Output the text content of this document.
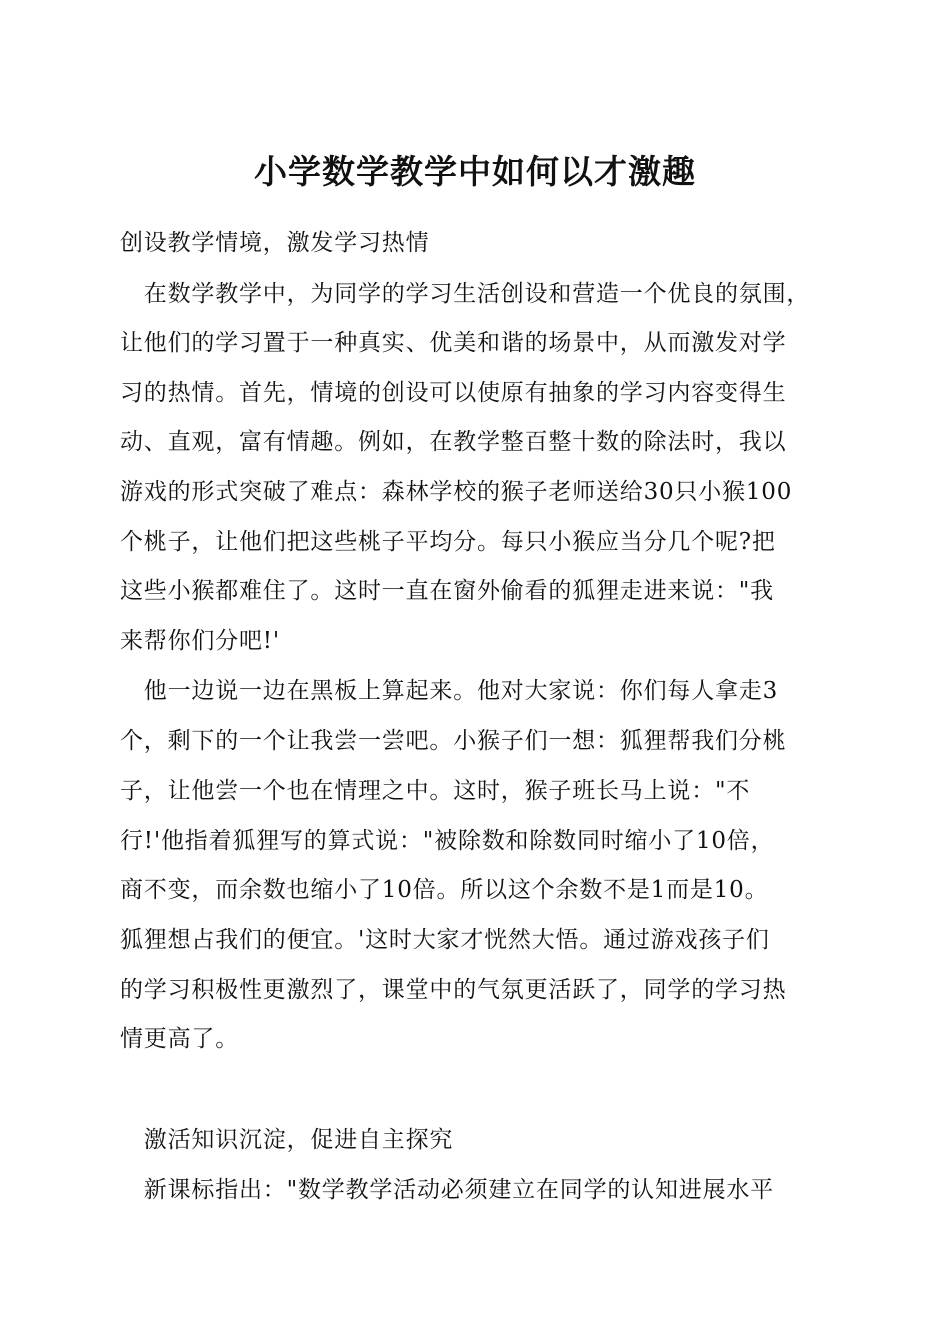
小学数学教学中如何以才激趣
创设教学情境，激发学习热情
　在数学教学中，为同学的学习生活创设和营造一个优良的氛围，
让他们的学习置于一种真实、优美和谐的场景中，从而激发对学
习的热情。首先，情境的创设可以使原有抽象的学习内容变得生
动、直观，富有情趣。例如，在教学整百整十数的除法时，我以
游戏的形式突破了难点：森林学校的猴子老师送给30只小猴100
个桃子，让他们把这些桃子平均分。每只小猴应当分几个呢?把
这些小猴都难住了。这时一直在窗外偷看的狐狸走进来说："我
来帮你们分吧!'
　他一边说一边在黑板上算起来。他对大家说：你们每人拿走3
个，剩下的一个让我尝一尝吧。小猴子们一想：狐狸帮我们分桃
子，让他尝一个也在情理之中。这时，猴子班长马上说："不
行!'他指着狐狸写的算式说："被除数和除数同时缩小了10倍，
商不变，而余数也缩小了10倍。所以这个余数不是1而是10。
狐狸想占我们的便宜。'这时大家才恍然大悟。通过游戏孩子们
的学习积极性更激烈了，课堂中的气氛更活跃了，同学的学习热
情更高了。
　激活知识沉淀，促进自主探究
　新课标指出："数学教学活动必须建立在同学的认知进展水平
